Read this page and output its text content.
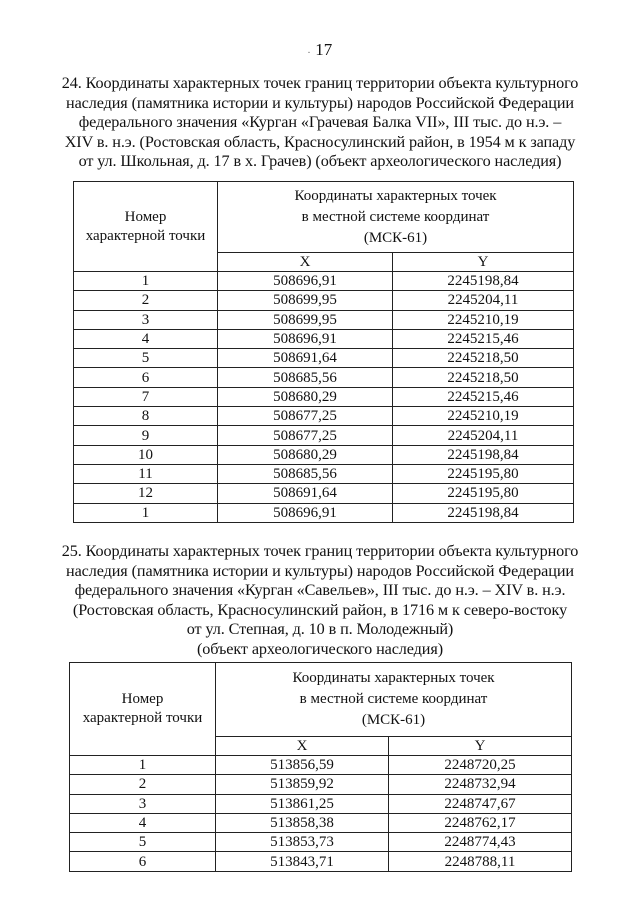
. 17
24. Координаты характерных точек границ территории объекта культурного
наследия (памятника истории и культуры) народов Российской Федерации
федерального значения «Курган «Грачевая Балка VII», III тыс. до н.э. –
XIV в. н.э. (Ростовская область, Красносулинский район, в 1954 м к западу
от ул. Школьная, д. 17 в х. Грачев) (объект археологического наследия)
Номер
характерной точки	Координаты характерных точек
в местной системе координат
(МСК-61)	

	X	Y
1	508696,91	2245198,84
2	508699,95	2245204,11
3	508699,95	2245210,19
4	508696,91	2245215,46
5	508691,64	2245218,50
6	508685,56	2245218,50
7	508680,29	2245215,46
8	508677,25	2245210,19
9	508677,25	2245204,11
10	508680,29	2245198,84
11	508685,56	2245195,80
12	508691,64	2245195,80
1	508696,91	2245198,84
25. Координаты характерных точек границ территории объекта культурного
наследия (памятника истории и культуры) народов Российской Федерации
федерального значения «Курган «Савельев», III тыс. до н.э. – XIV в. н.э.
(Ростовская область, Красносулинский район, в 1716 м к северо-востоку
от ул. Степная, д. 10 в п. Молодежный)
(объект археологического наследия)
Номер
характерной точки	Координаты характерных точек
в местной системе координат
(МСК-61)	

	X	Y
1	513856,59	2248720,25
2	513859,92	2248732,94
3	513861,25	2248747,67
4	513858,38	2248762,17
5	513853,73	2248774,43
6	513843,71	2248788,11
